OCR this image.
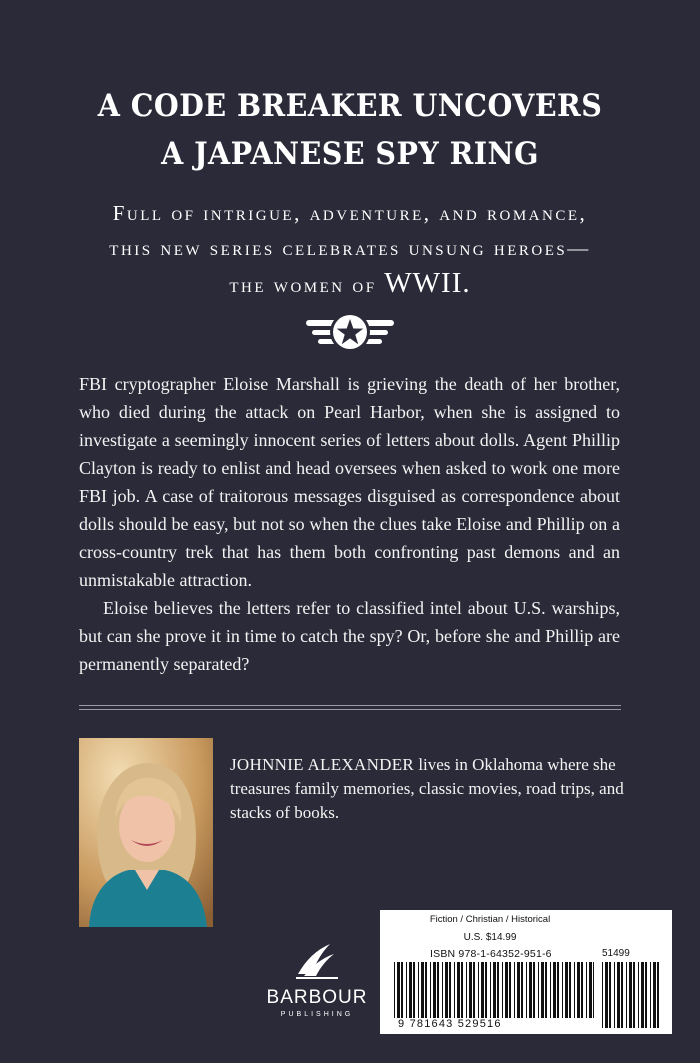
A CODE BREAKER UNCOVERS
A JAPANESE SPY RING
Full of intrigue, adventure, and romance,
this new series celebrates unsung heroes—
the women of WWII.

FBI cryptographer Eloise Marshall is grieving the death of her brother, who died during the attack on Pearl Harbor, when she is assigned to investigate a seemingly innocent series of letters about dolls. Agent Phillip Clayton is ready to enlist and head oversees when asked to work one more FBI job. A case of traitorous messages disguised as correspondence about dolls should be easy, but not so when the clues take Eloise and Phillip on a cross-country trek that has them both confronting past demons and an unmistakable attraction.

Eloise believes the letters refer to classified intel about U.S. warships, but can she prove it in time to catch the spy? Or, before she and Phillip are permanently separated?

JOHNNIE ALEXANDER lives in Oklahoma where she treasures family memories, classic movies, road trips, and stacks of books.

BARBOUR
PUBLISHING
Fiction / Christian / Historical
U.S. $14.99
ISBN 978-1-64352-951-6	51499
9 781643 529516
